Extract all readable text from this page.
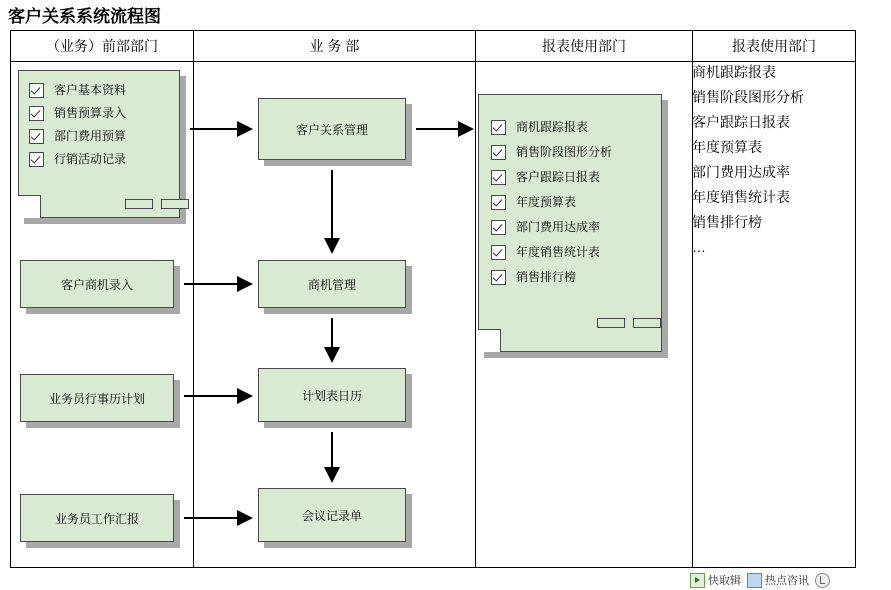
客户关系系统流程图
（业务）前部部门	业 务 部	报表使用部门	报表使用部门
客户基本资料
销售预算录入
部门费用预算
行销活动记录
客户商机录入
业务员行事历计划
业务员工作汇报
客户关系管理
商机管理
计划表日历
会议记录单
商机跟踪报表
销售阶段图形分析
客户跟踪日报表
年度预算表
部门费用达成率
年度销售统计表
销售排行榜
商机跟踪报表
销售阶段图形分析
客户跟踪日报表
年度预算表
部门费用达成率
年度销售统计表
销售排行榜
…
快取辑 热点咨讯
